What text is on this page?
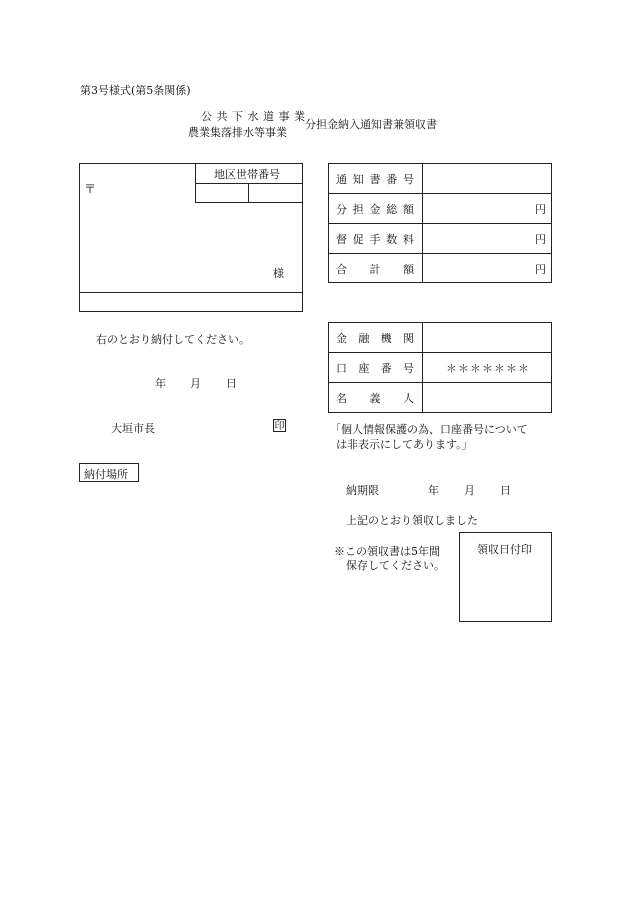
第3号様式(第5条関係)
公 共 下 水 道 事 業
農業集落排水等事業
分担金納入通知書兼領収書
〒
地区世帯番号
様
通 知 書 番 号
分 担 金 総 額
督 促 手 数 料
合 計 額
円
円
円
右のとおり納付してください。
年 月 日
大垣市長	印
金 融 機 関
口 座 番 号
名 義 人
＊＊＊＊＊＊＊
「個人情報保護の為、口座番号について
は非表示にしてあります。」
納付場所
納期限	年 月 日
上記のとおり領収しました
※この領収書は5年間
保存してください。
領収日付印
